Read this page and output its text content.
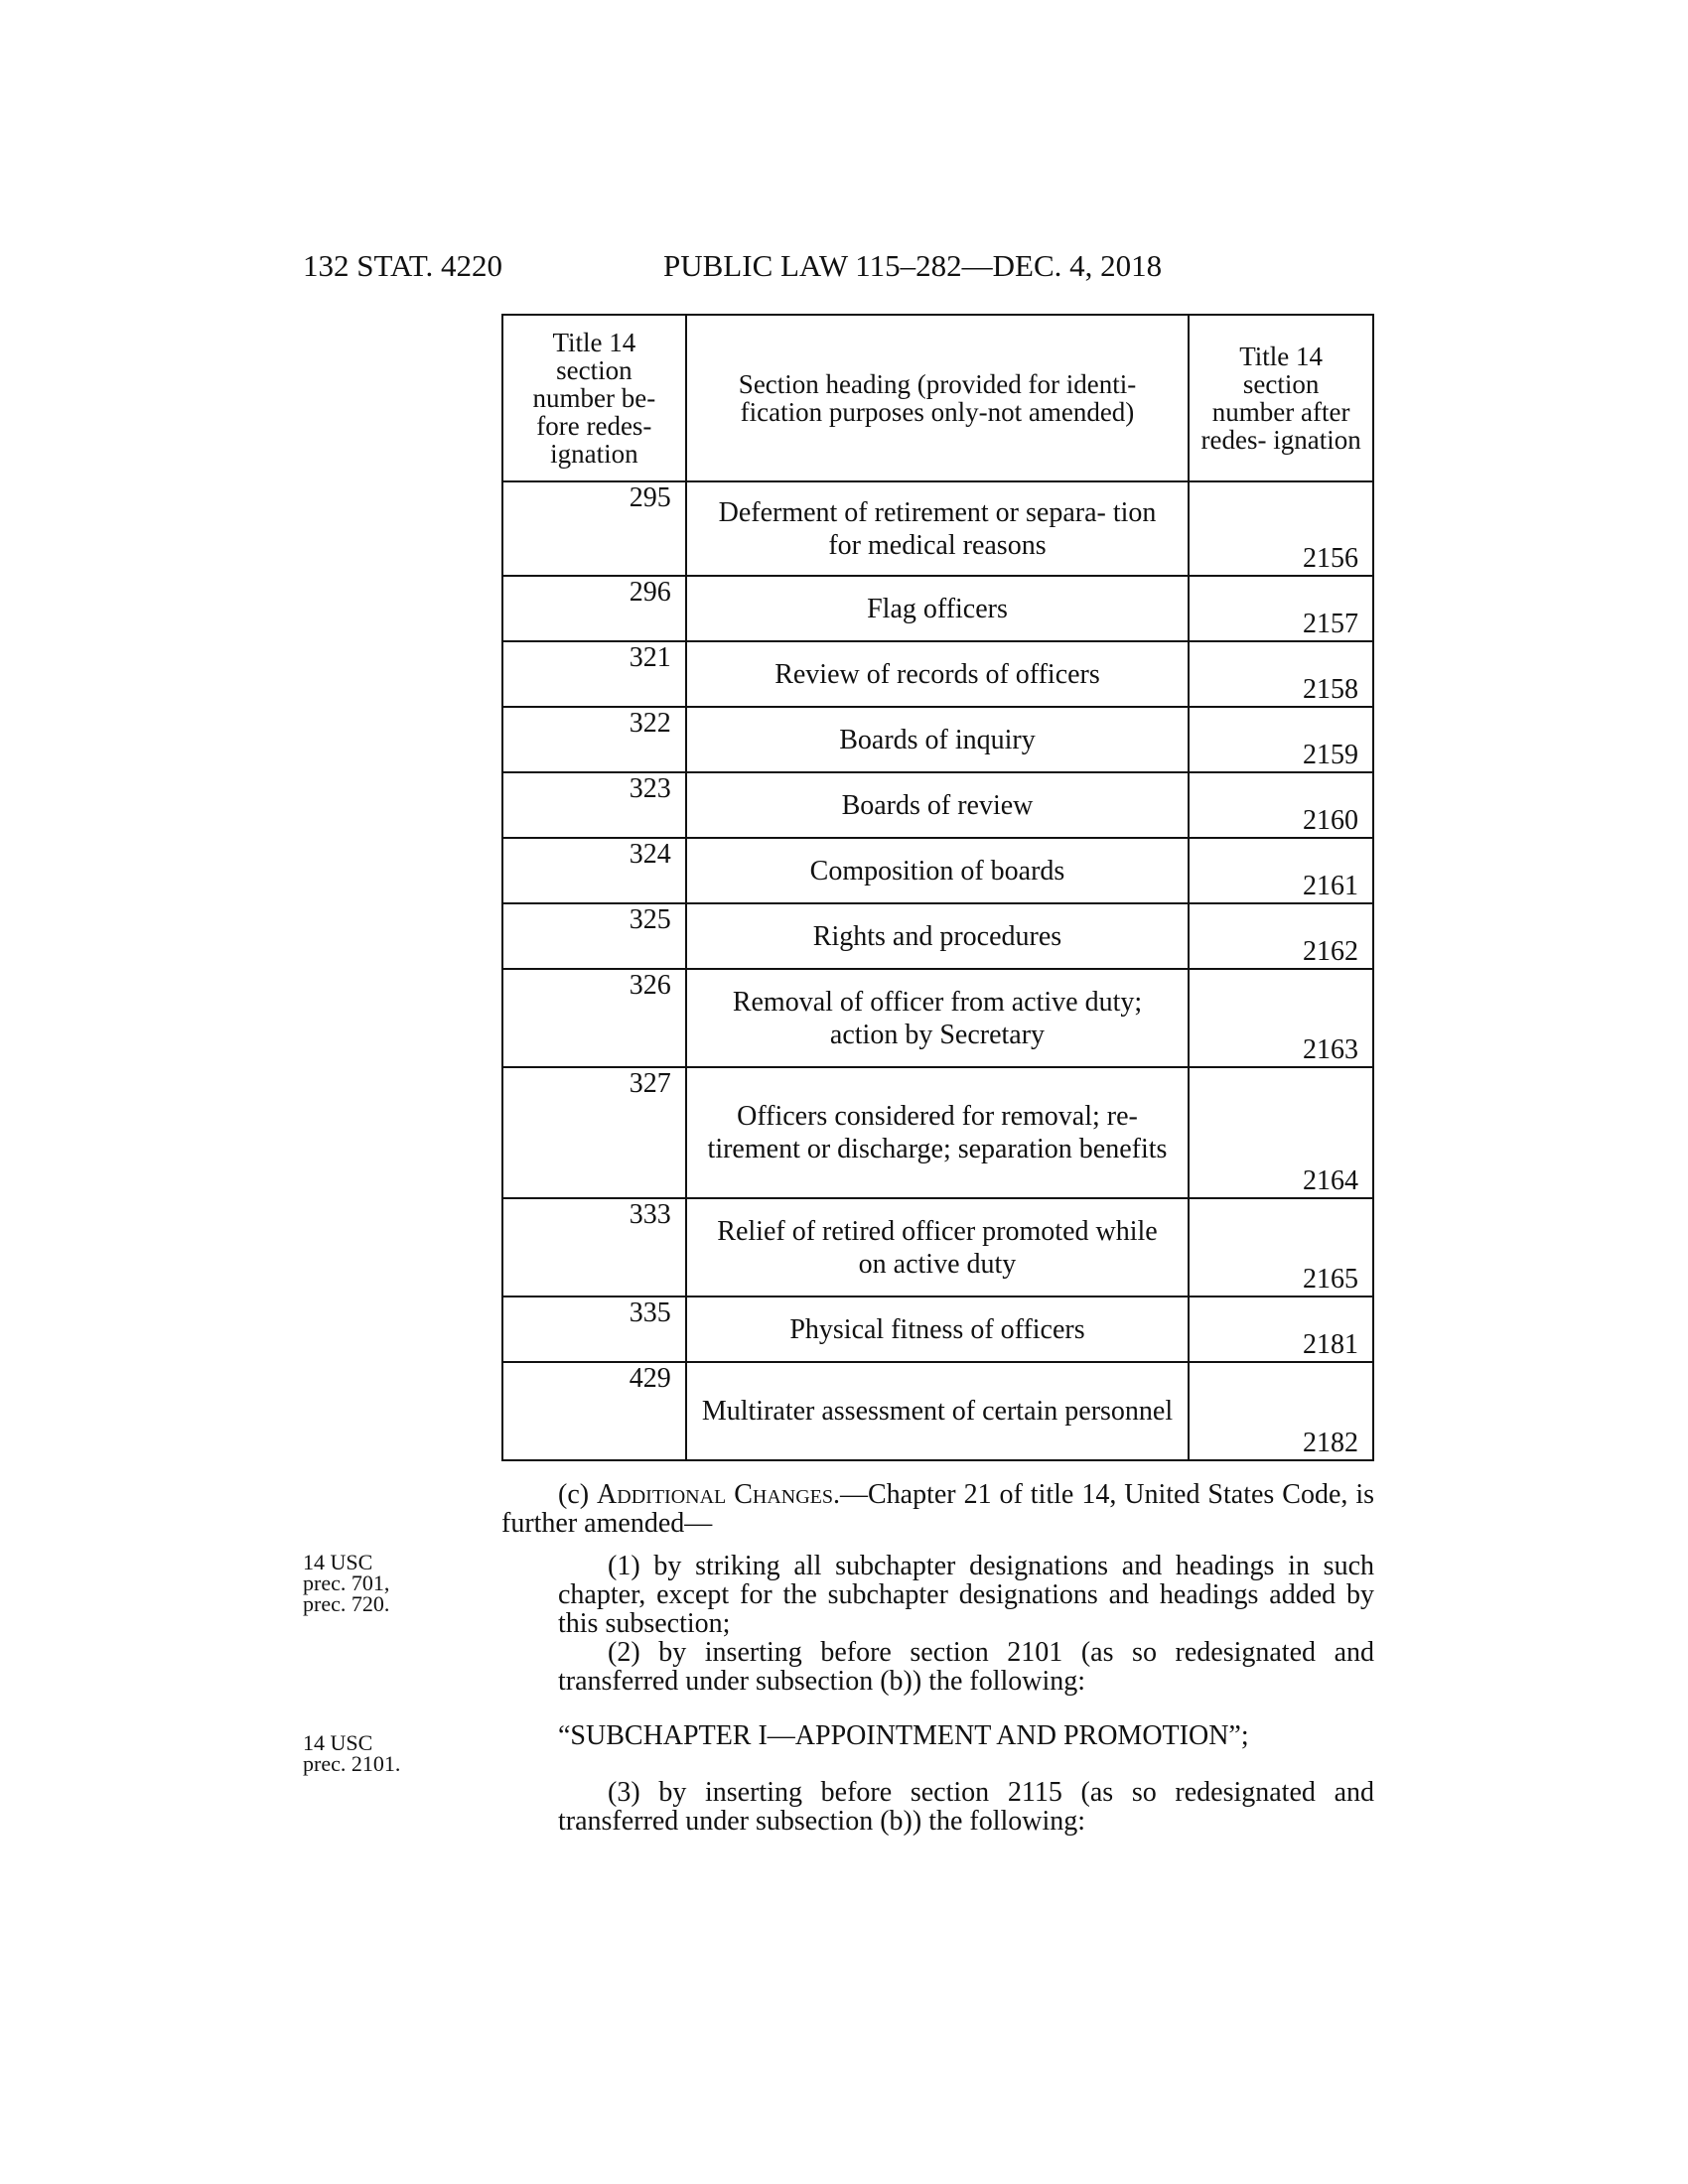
132 STAT. 4220	PUBLIC LAW 115–282—DEC. 4, 2018
Title 14 section number be- fore redes- ignation	Section heading (provided for identi- fication purposes only-not amended)	Title 14 section number after redes- ignation
295	Deferment of retirement or separa- tion for medical reasons	2156
296	Flag officers	2157
321	Review of records of officers	2158
322	Boards of inquiry	2159
323	Boards of review	2160
324	Composition of boards	2161
325	Rights and procedures	2162
326	Removal of officer from active duty; action by Secretary	2163
327	Officers considered for removal; re- tirement or discharge; separation benefits	2164
333	Relief of retired officer promoted while on active duty	2165
335	Physical fitness of officers	2181
429	Multirater assessment of certain personnel	2182
14 USC
prec. 701,
prec. 720.
14 USC
prec. 2101.
(c) Additional Changes.—Chapter 21 of title 14, United States Code, is further amended—
(1) by striking all subchapter designations and headings in such chapter, except for the subchapter designations and headings added by this subsection;
(2) by inserting before section 2101 (as so redesignated and transferred under subsection (b)) the following:
“SUBCHAPTER I—APPOINTMENT AND PROMOTION”;
(3) by inserting before section 2115 (as so redesignated and transferred under subsection (b)) the following:
